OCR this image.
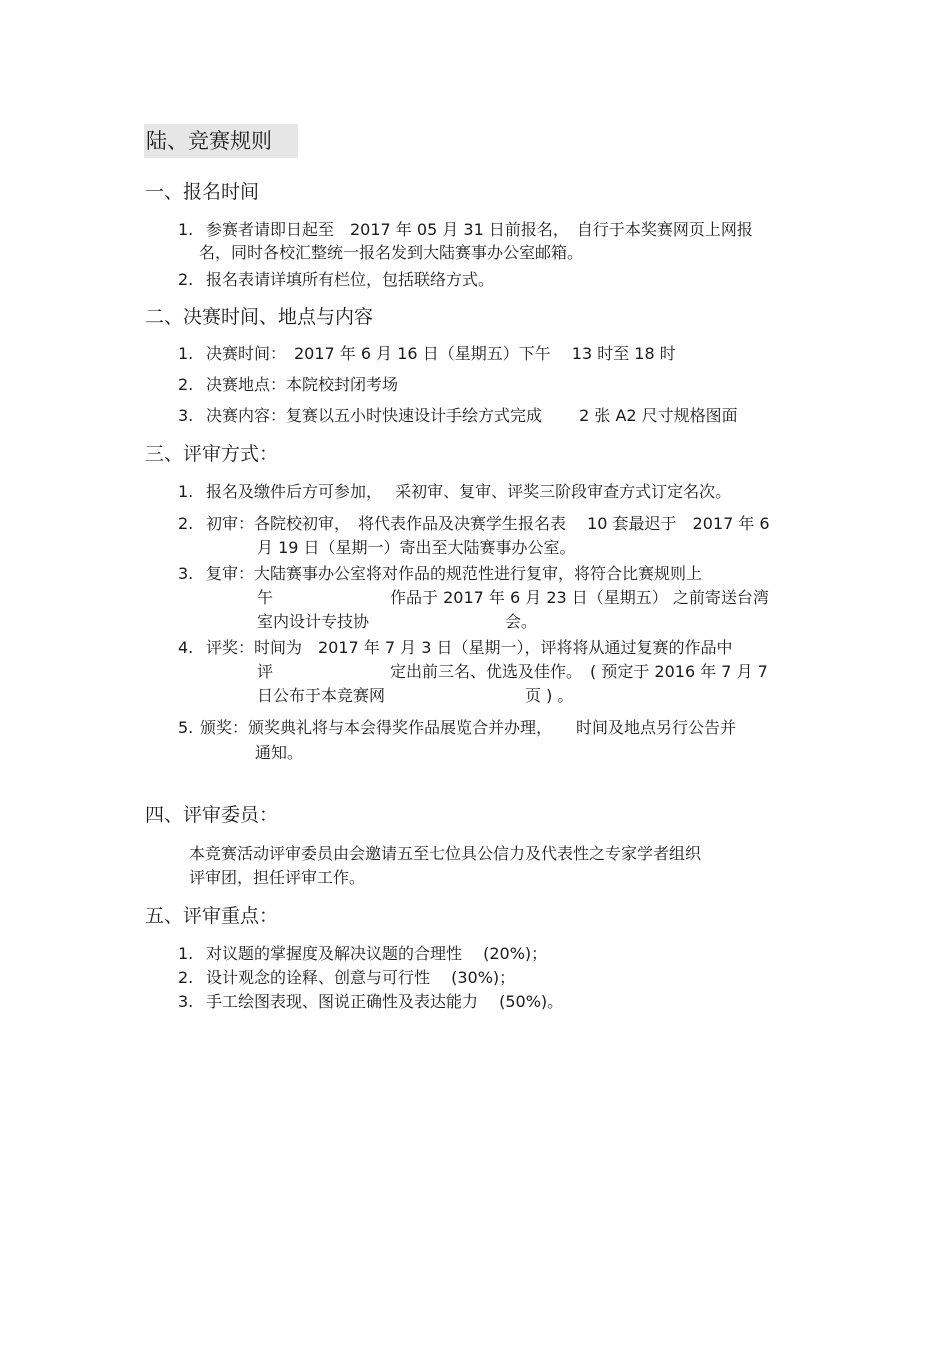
陆、竞赛规则
一、报名时间
1. 参赛者请即日起至　2017 年 05 月 31 日前报名，　自行于本奖赛网页上网报
名，同时各校汇整统一报名发到大陆赛事办公室邮箱。
2. 报名表请详填所有栏位，包括联络方式。
二、决赛时间、地点与内容
1. 决赛时间：　2017 年 6 月 16 日（星期五）下午　 13 时至 18 时
2. 决赛地点：本院校封闭考场
3. 决赛内容：复赛以五小时快速设计手绘方式完成　　 2 张 A2 尺寸规格图面
三、评审方式：
1. 报名及缴件后方可参加，　 采初审、复审、评奖三阶段审查方式订定名次。
2. 初审：各院校初审，　将代表作品及决赛学生报名表　 10 套最迟于　2017 年 6
月 19 日（星期一）寄出至大陆赛事办公室。
3. 复审：大陆赛事办公室将对作品的规范性进行复审，将符合比赛规则上
午	作品于 2017 年 6 月 23 日（星期五） 之前寄送台湾
室内设计专技协	会。
4. 评奖：时间为　2017 年 7 月 3 日（星期一），评将将从通过复赛的作品中
评	定出前三名、优选及佳作。　( 预定于 2016 年 7 月 7
日公布于本竞赛网	页 ) 。
5. 颁奖：颁奖典礼将与本会得奖作品展览合并办理，　　时间及地点另行公告并
通知。
四、评审委员：
本竞赛活动评审委员由会邀请五至七位具公信力及代表性之专家学者组织
评审团，担任评审工作。
五、评审重点：
1. 对议题的掌握度及解决议题的合理性　 (20%)；
2. 设计观念的诠释、创意与可行性　 (30%)；
3. 手工绘图表现、图说正确性及表达能力　 (50%)。
